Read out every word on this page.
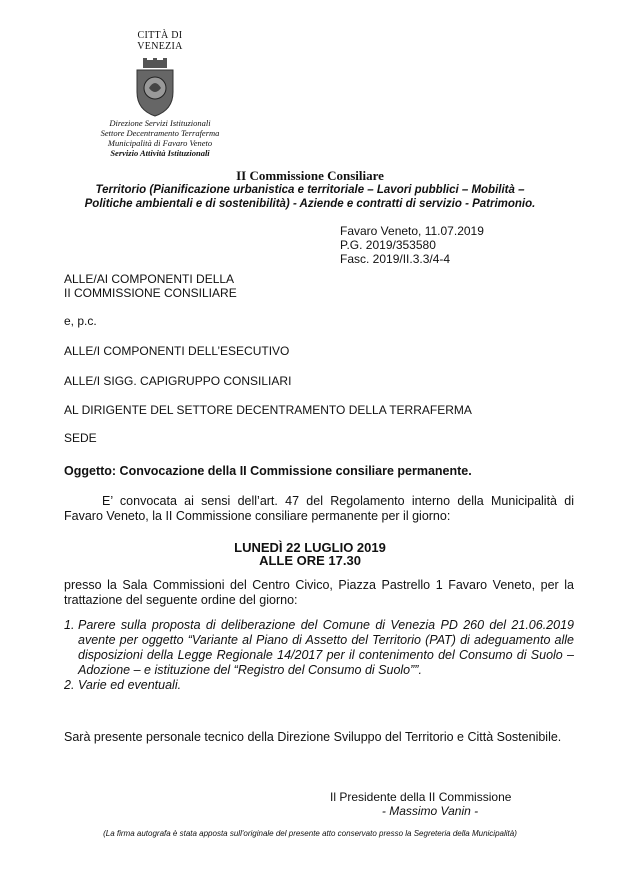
CITTÀ DI
VENEZIA
Direzione Servizi Istituzionali
Settore Decentramento Terraferma
Municipalità di Favaro Veneto
Servizio Attività Istituzionali
II Commissione Consiliare
Territorio (Pianificazione urbanistica e territoriale – Lavori pubblici – Mobilità –
Politiche ambientali e di sostenibilità) - Aziende e contratti di servizio - Patrimonio.
Favaro Veneto, 11.07.2019
P.G. 2019/353580
Fasc. 2019/II.3.3/4-4
ALLE/AI COMPONENTI DELLA
II COMMISSIONE CONSILIARE
e, p.c.
ALLE/I COMPONENTI DELL’ESECUTIVO
ALLE/I SIGG. CAPIGRUPPO CONSILIARI
AL DIRIGENTE DEL SETTORE DECENTRAMENTO DELLA TERRAFERMA
SEDE
Oggetto: Convocazione della II Commissione consiliare permanente.
E’ convocata ai sensi dell’art. 47 del Regolamento interno della Municipalità di Favaro Veneto, la II Commissione consiliare permanente per il giorno:
LUNEDÌ 22 LUGLIO 2019
ALLE ORE 17.30
presso la Sala Commissioni del Centro Civico, Piazza Pastrello 1 Favaro Veneto, per la trattazione del seguente ordine del giorno:
1. Parere sulla proposta di deliberazione del Comune di Venezia PD 260 del 21.06.2019 avente per oggetto “Variante al Piano di Assetto del Territorio (PAT) di adeguamento alle disposizioni della Legge Regionale 14/2017 per il contenimento del Consumo di Suolo – Adozione – e istituzione del “Registro del Consumo di Suolo””.
2. Varie ed eventuali.
Sarà presente personale tecnico della Direzione Sviluppo del Territorio e Città Sostenibile.
Il Presidente della II Commissione
- Massimo Vanin -
(La firma autografa è stata apposta sull'originale del presente atto conservato presso la Segreteria della Municipalità)
